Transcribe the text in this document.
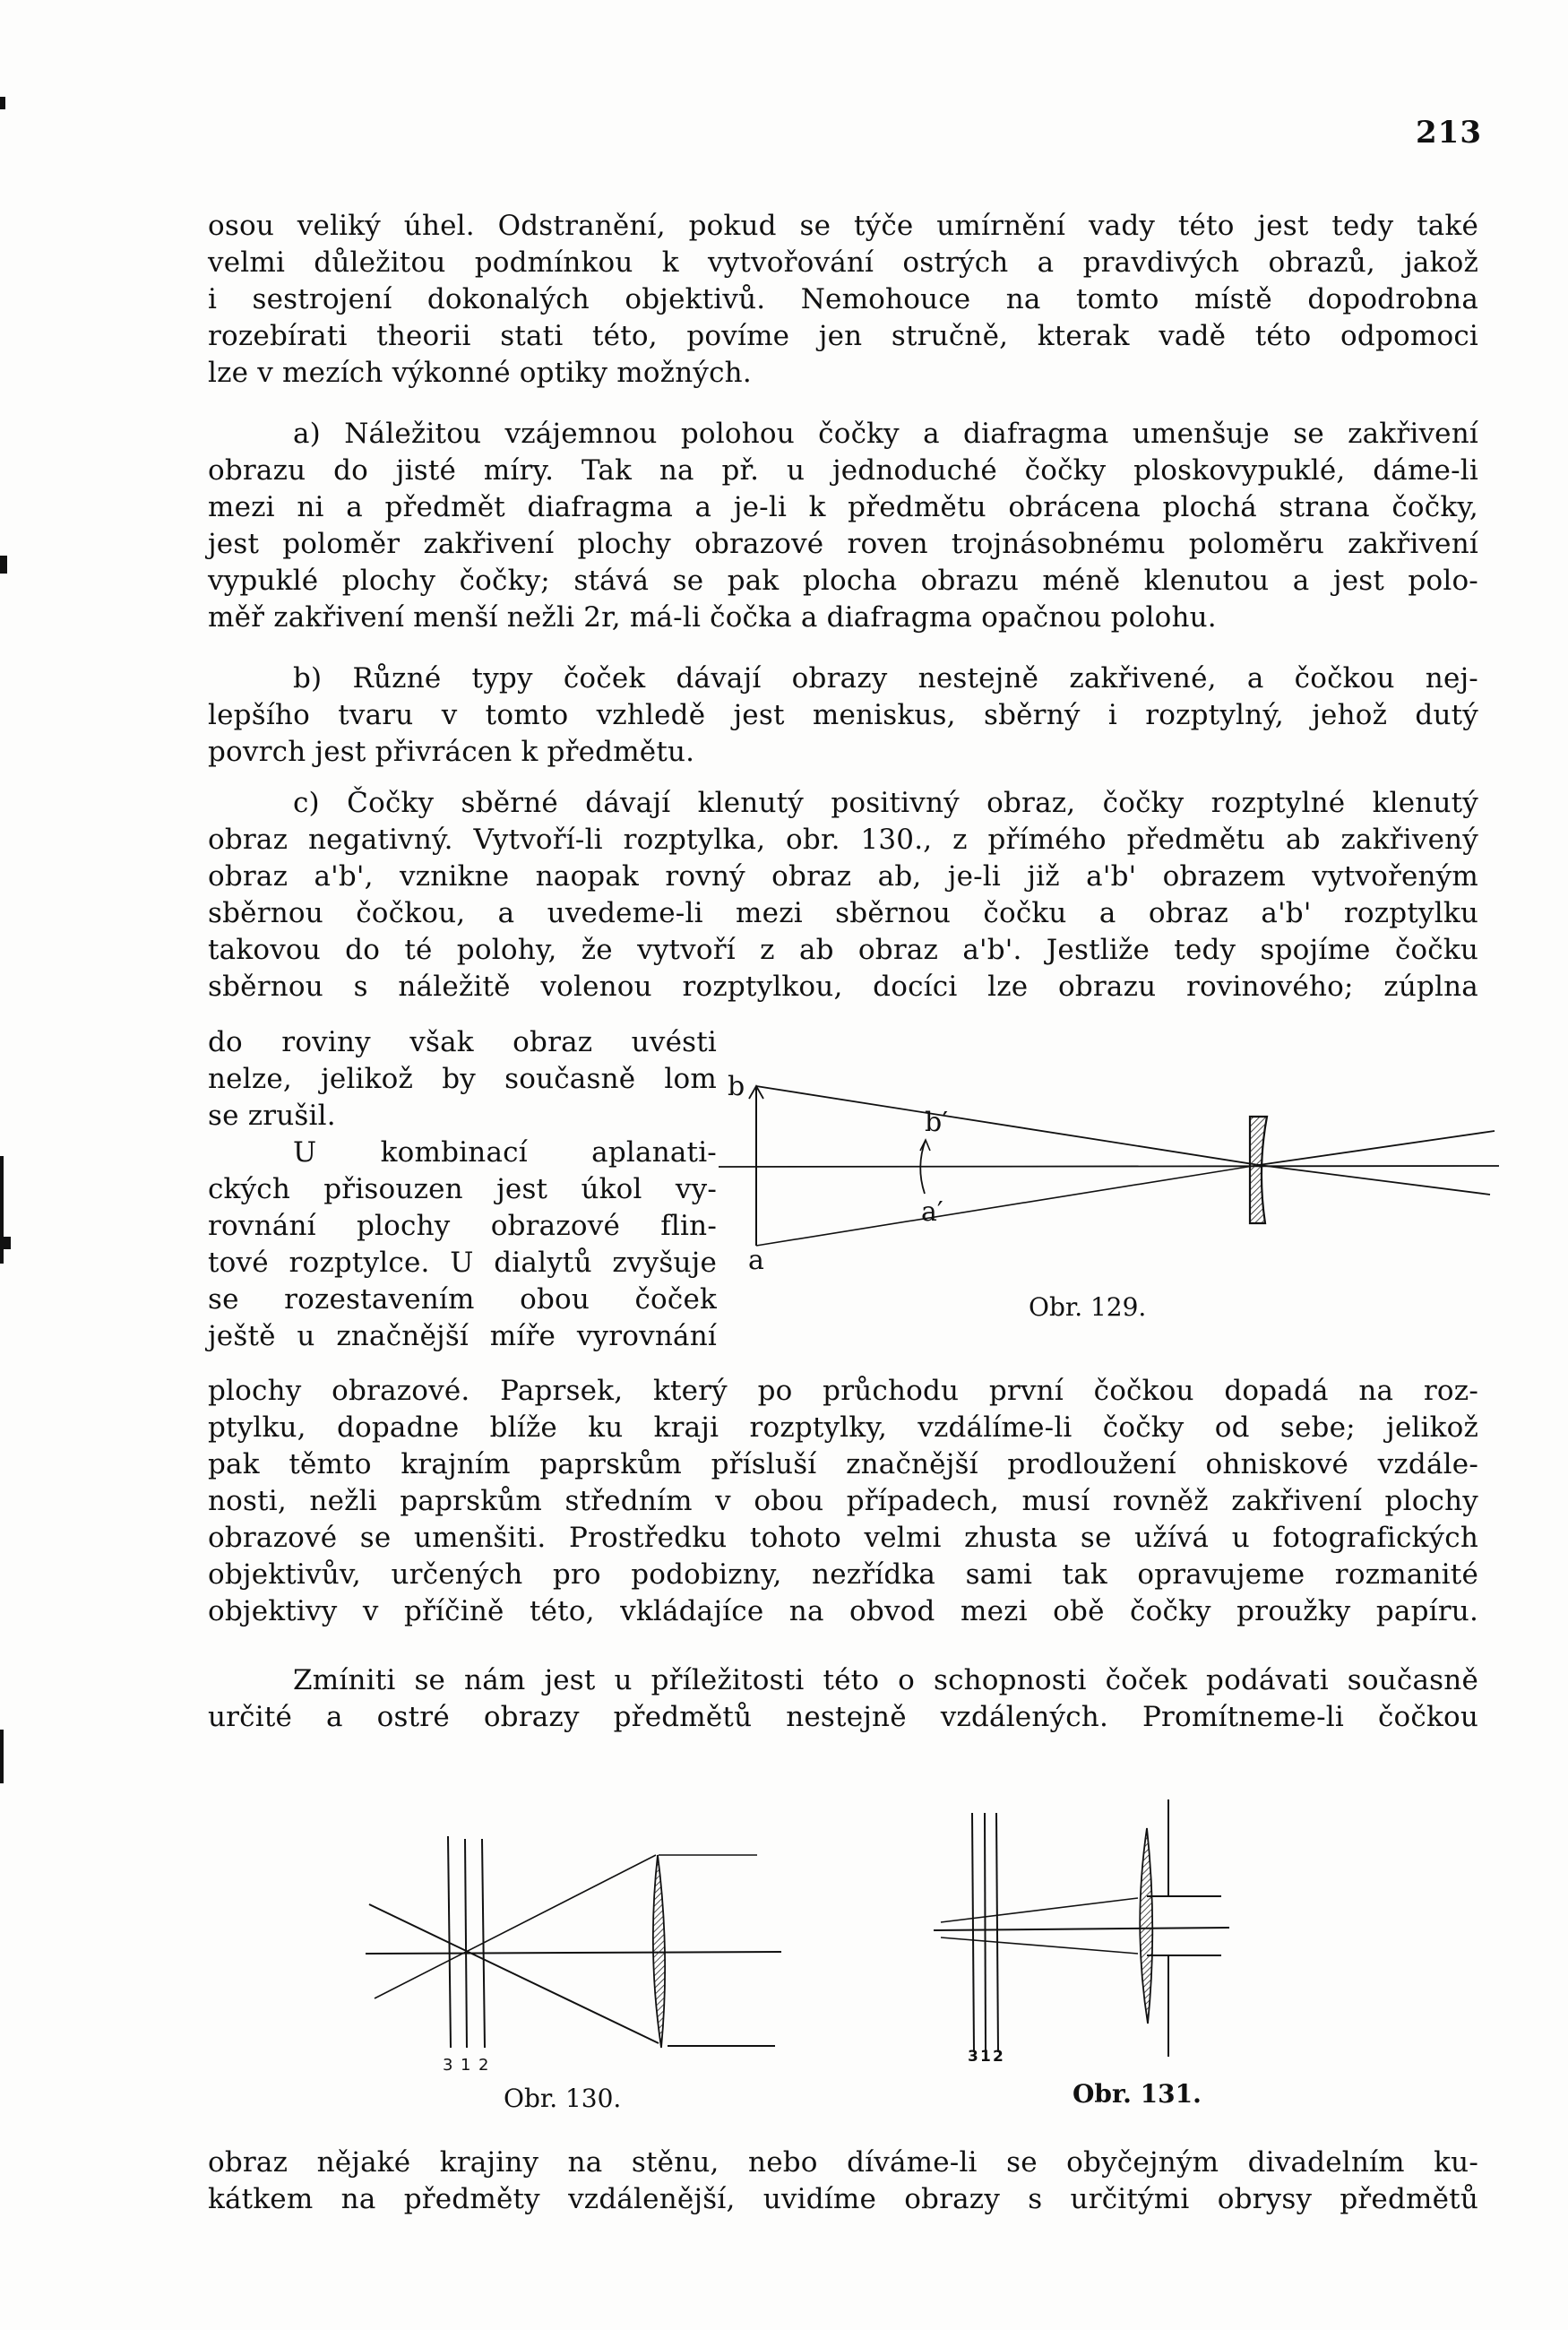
213
osou veliký úhel. Odstranění, pokud se týče umírnění vady této jest tedy také
velmi důležitou podmínkou k vytvořování ostrých a pravdivých obrazů, jakož
i sestrojení dokonalých objektivů. Nemohouce na tomto místě dopodrobna
rozebírati theorii stati této, povíme jen stručně, kterak vadě této odpomoci
lze v mezích výkonné optiky možných.
a) Náležitou vzájemnou polohou čočky a diafragma umenšuje se zakřivení
obrazu do jisté míry. Tak na př. u jednoduché čočky ploskovypuklé, dáme-li
mezi ni a předmět diafragma a je-li k předmětu obrácena plochá strana čočky,
jest poloměr zakřivení plochy obrazové roven trojnásobnému poloměru zakřivení
vypuklé plochy čočky; stává se pak plocha obrazu méně klenutou a jest polo-
měř zakřivení menší nežli 2r, má-li čočka a diafragma opačnou polohu.
b) Různé typy čoček dávají obrazy nestejně zakřivené, a čočkou nej-
lepšího tvaru v tomto vzhledě jest meniskus, sběrný i rozptylný, jehož dutý
povrch jest přivrácen k předmětu.
c) Čočky sběrné dávají klenutý positivný obraz, čočky rozptylné klenutý
obraz negativný. Vytvoří-li rozptylka, obr. 130., z přímého předmětu ab zakřivený
obraz a'b', vznikne naopak rovný obraz ab, je-li již a'b' obrazem vytvořeným
sběrnou čočkou, a uvedeme-li mezi sběrnou čočku a obraz a'b' rozptylku
takovou do té polohy, že vytvoří z ab obraz a'b'. Jestliže tedy spojíme čočku
sběrnou s náležitě volenou rozptylkou, docíci lze obrazu rovinového; zúplna
do roviny však obraz uvésti
nelze, jelikož by současně lom
se zrušil.
U kombinací aplanati-
ckých přisouzen jest úkol vy-
rovnání plochy obrazové flin-
tové rozptylce. U dialytů zvyšuje
se rozestavením obou čoček
ještě u značnější míře vyrovnání
plochy obrazové. Paprsek, který po průchodu první čočkou dopadá na roz-
ptylku, dopadne blíže ku kraji rozptylky, vzdálíme-li čočky od sebe; jelikož
pak těmto krajním paprskům přísluší značnější prodloužení ohniskové vzdále-
nosti, nežli paprskům středním v obou případech, musí rovněž zakřivení plochy
obrazové se umenšiti. Prostředku tohoto velmi zhusta se užívá u fotografických
objektivův, určených pro podobizny, nezřídka sami tak opravujeme rozmanité
objektivy v příčině této, vkládajíce na obvod mezi obě čočky proužky papíru.
Zmíniti se nám jest u příležitosti této o schopnosti čoček podávati současně
určité a ostré obrazy předmětů nestejně vzdálených. Promítneme-li čočkou
obraz nějaké krajiny na stěnu, nebo díváme-li se obyčejným divadelním ku-
kátkem na předměty vzdálenější, uvidíme obrazy s určitými obrysy předmětů
b
b′
a′
a
3 1 2	3 1 2
Obr. 129.
Obr. 130.	Obr. 131.
